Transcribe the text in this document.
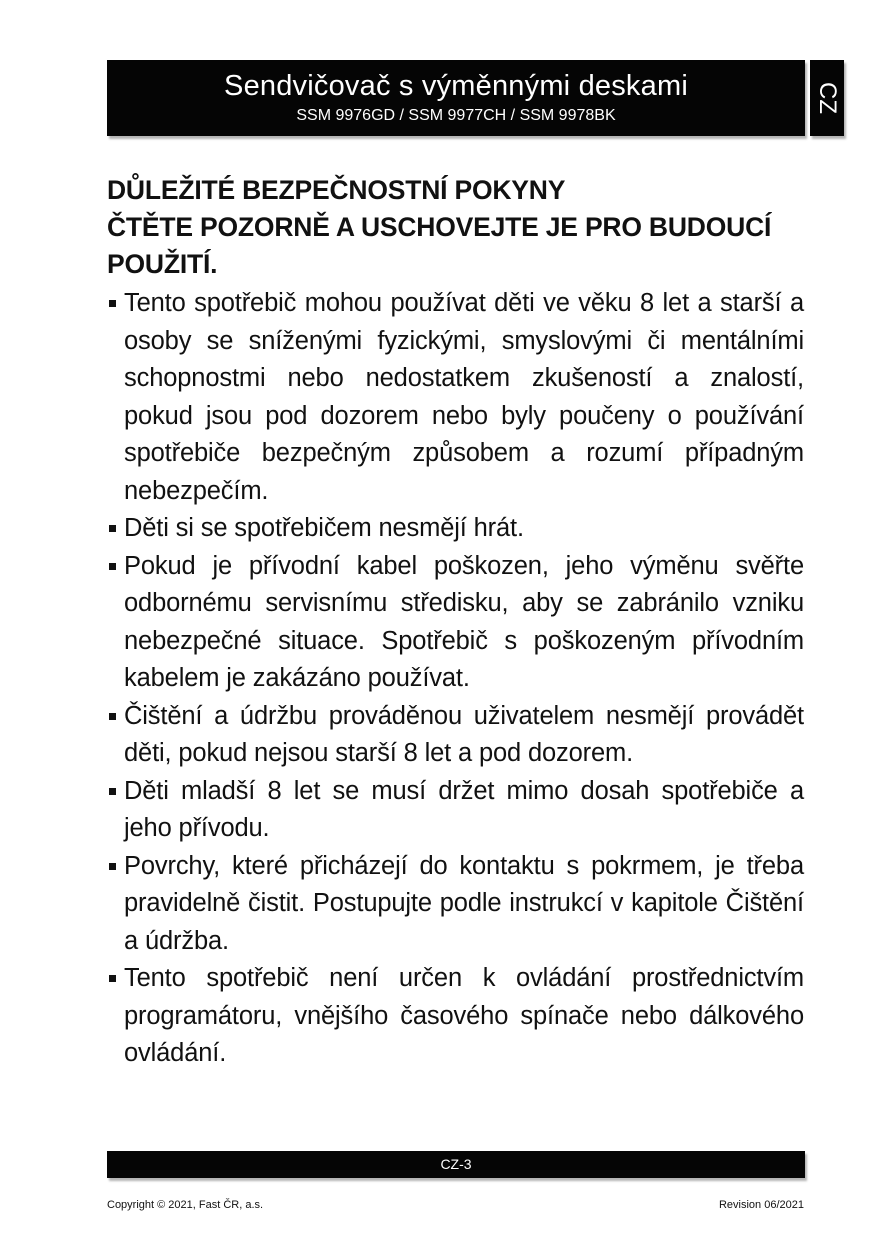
Sendvičovač s výměnnými deskami
SSM 9976GD / SSM 9977CH / SSM 9978BK
CZ
DŮLEŽITÉ BEZPEČNOSTNÍ POKYNY
ČTĚTE POZORNĚ A USCHOVEJTE JE PRO BUDOUCÍ POUŽITÍ.
Tento spotřebič mohou používat děti ve věku 8 let a starší a osoby se sníženými fyzickými, smyslovými či mentálními schopnostmi nebo nedostatkem zkušeností a znalostí, pokud jsou pod dozorem nebo byly poučeny o používání spotřebiče bezpečným způsobem a rozumí případným nebezpečím.
Děti si se spotřebičem nesmějí hrát.
Pokud je přívodní kabel poškozen, jeho výměnu svěřte odbornému servisnímu středisku, aby se zabránilo vzniku nebezpečné situace. Spotřebič s poškozeným přívodním kabelem je zakázáno používat.
Čištění a údržbu prováděnou uživatelem nesmějí provádět děti, pokud nejsou starší 8 let a pod dozorem.
Děti mladší 8 let se musí držet mimo dosah spotřebiče a jeho přívodu.
Povrchy, které přicházejí do kontaktu s pokrmem, je třeba pravidelně čistit. Postupujte podle instrukcí v kapitole Čištění a údržba.
Tento spotřebič není určen k ovládání prostřednictvím programátoru, vnějšího časového spínače nebo dálkového ovládání.
CZ-3
Copyright © 2021, Fast ČR, a.s.	Revision 06/2021
